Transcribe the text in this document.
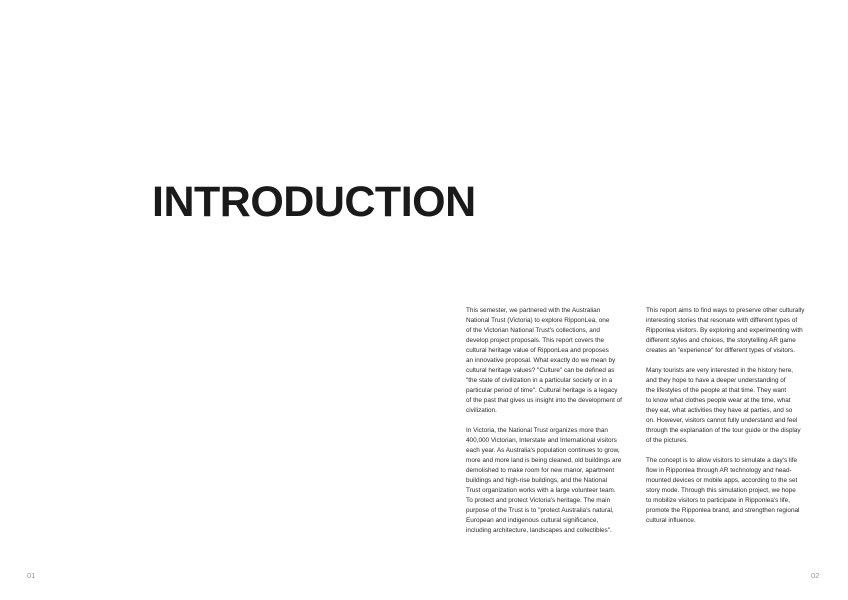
INTRODUCTION

This semester, we partnered with the Australian
National Trust (Victoria) to explore RipponLea, one
of the Victorian National Trust's collections, and
develop project proposals. This report covers the
cultural heritage value of RipponLea and proposes
an innovative proposal. What exactly do we mean by
cultural heritage values? "Culture" can be defined as
"the state of civilization in a particular society or in a
particular period of time". Cultural heritage is a legacy
of the past that gives us insight into the development of
civilization.

In Victoria, the National Trust organizes more than
400,000 Victorian, Interstate and International visitors
each year. As Australia's population continues to grow,
more and more land is being cleaned, old buildings are
demolished to make room for new manor, apartment
buildings and high-rise buildings, and the National
Trust organization works with a large volunteer team.
To protect and protect Victoria's heritage. The main
purpose of the Trust is to "protect Australia's natural,
European and indigenous cultural significance,
including architecture, landscapes and collectibles".

This report aims to find ways to preserve other culturally
interesting stories that resonate with different types of
Ripponlea visitors. By exploring and experimenting with
different styles and choices, the storytelling AR game
creates an "experience" for different types of visitors.

Many tourists are very interested in the history here,
and they hope to have a deeper understanding of
the lifestyles of the people at that time. They want
to know what clothes people wear at the time, what
they eat, what activities they have at parties, and so
on. However, visitors cannot fully understand and feel
through the explanation of the tour guide or the display
of the pictures.

The concept is to allow visitors to simulate a day's life
flow in Ripponlea through AR technology and head-
mounted devices or mobile apps, according to the set
story mode. Through this simulation project, we hope
to mobilize visitors to participate in Ripponlea's life,
promote the Ripponlea brand, and strengthen regional
cultural influence.

01	02
